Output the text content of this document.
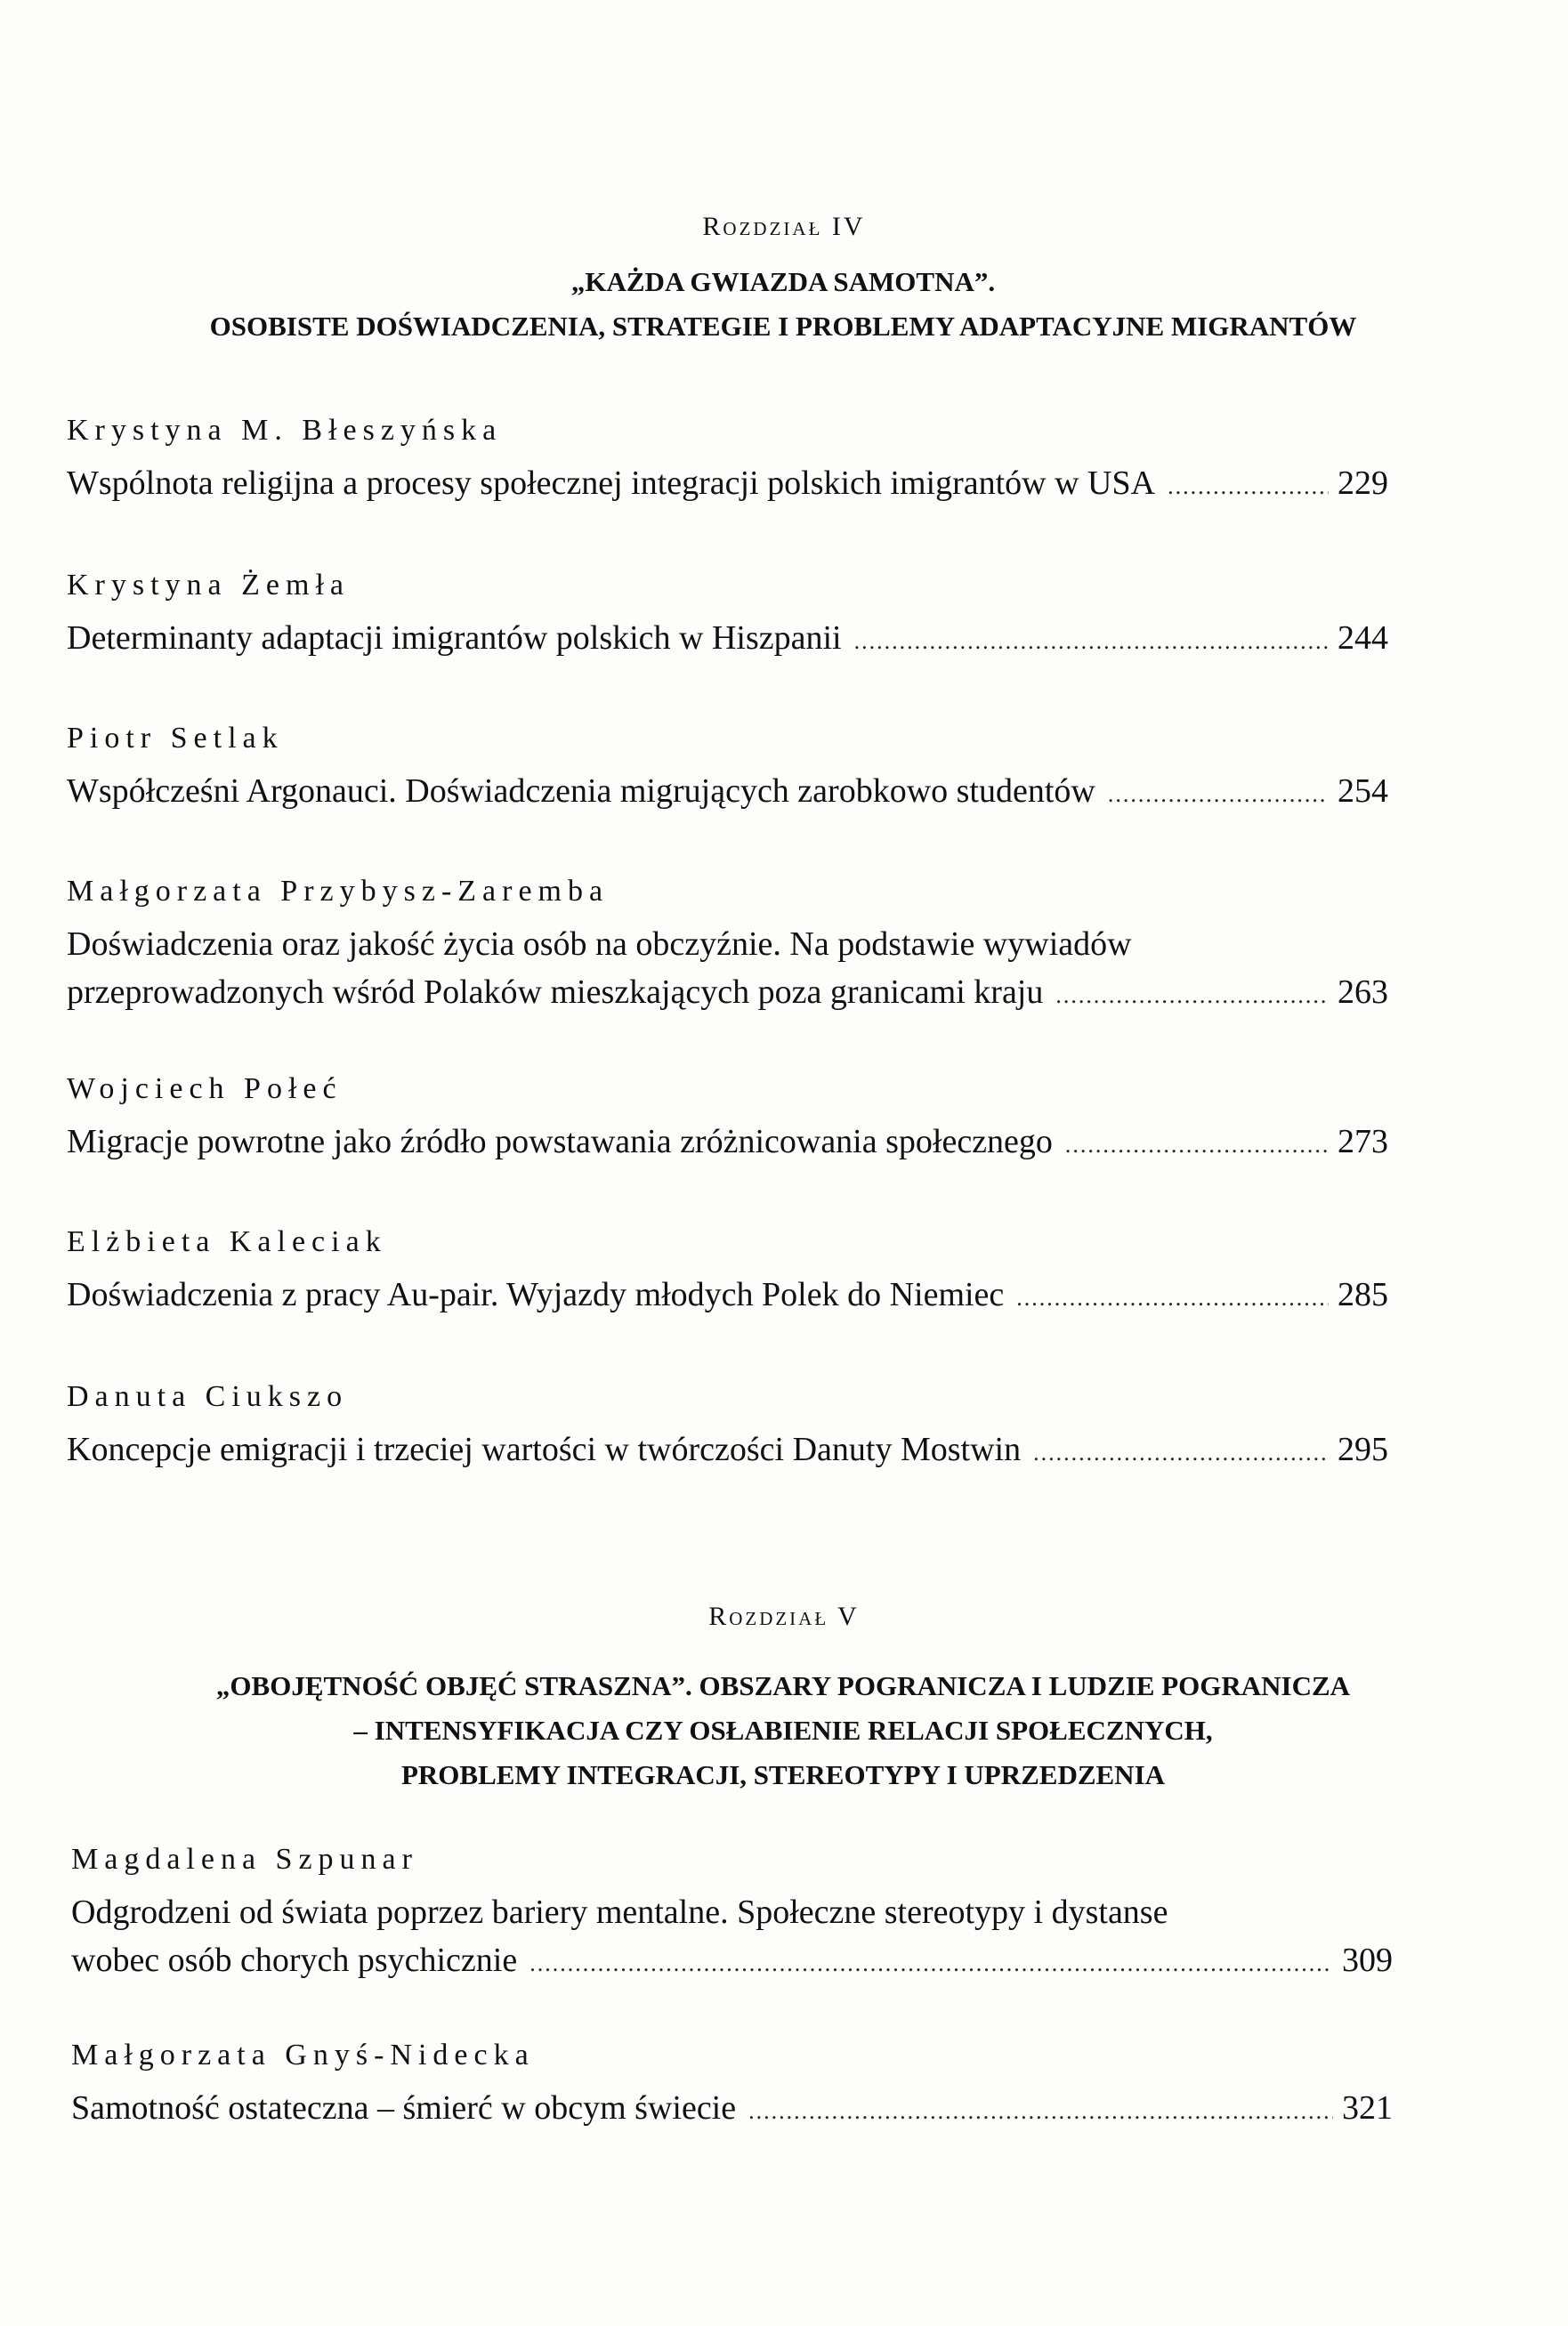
Rozdział IV
„KAŻDA GWIAZDA SAMOTNA”.
OSOBISTE DOŚWIADCZENIA, STRATEGIE I PROBLEMY ADAPTACYJNE MIGRANTÓW
Krystyna M. Błeszyńska
Wspólnota religijna a procesy społecznej integracji polskich imigrantów w USA .....	229
Krystyna Żemła
Determinanty adaptacji imigrantów polskich w Hiszpanii .....	244
Piotr Setlak
Współcześni Argonauci. Doświadczenia migrujących zarobkowo studentów .....	254
Małgorzata Przybysz-Zaremba
Doświadczenia oraz jakość życia osób na obczyźnie. Na podstawie wywiadów
przeprowadzonych wśród Polaków mieszkających poza granicami kraju .....	263
Wojciech Połeć
Migracje powrotne jako źródło powstawania zróżnicowania społecznego .....	273
Elżbieta Kaleciak
Doświadczenia z pracy Au-pair. Wyjazdy młodych Polek do Niemiec .....	285
Danuta Ciukszo
Koncepcje emigracji i trzeciej wartości w twórczości Danuty Mostwin .....	295
Rozdział V
„OBOJĘTNOŚĆ OBJĘĆ STRASZNA”. OBSZARY POGRANICZA I LUDZIE POGRANICZA
– INTENSYFIKACJA CZY OSŁABIENIE RELACJI SPOŁECZNYCH,
PROBLEMY INTEGRACJI, STEREOTYPY I UPRZEDZENIA
Magdalena Szpunar
Odgrodzeni od świata poprzez bariery mentalne. Społeczne stereotypy i dystanse
wobec osób chorych psychicznie .....	309
Małgorzata Gnyś-Nidecka
Samotność ostateczna – śmierć w obcym świecie .....	321
